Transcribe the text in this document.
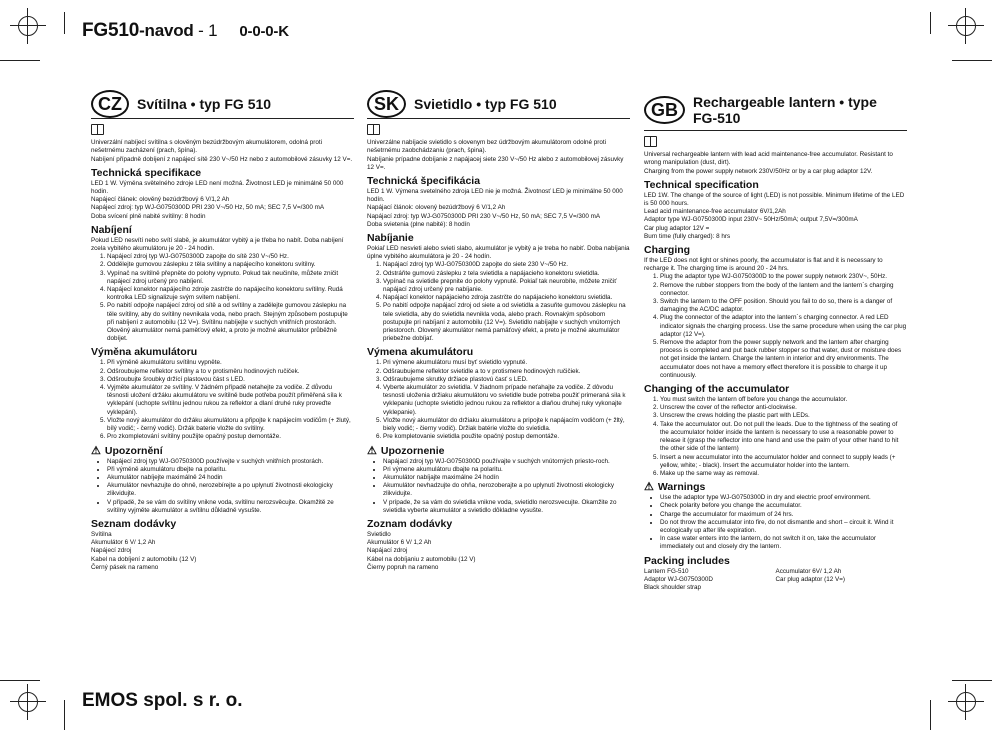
FG510-navod - 1 0-0-0-K
CZ	Svítilna • typ FG 510

Univerzální nabíjecí svítilna s olověným bezúdržbovým akumulátorem, odolná proti nešetrnému zacházení (prach, špína).

Nabíjení případně dobíjení z napájecí sítě 230 V~/50 Hz nebo z automobilové zásuvky 12 V=.

Technická specifikace

LED 1 W. Výměna světelného zdroje LED není možná. Životnost LED je minimálně 50 000 hodin.

Napájecí článek: olověný bezúdržbový 6 V/1,2 Ah

Napájecí zdroj: typ WJ-G0750300D PRI 230 V~/50 Hz, 50 mA; SEC 7,5 V=/300 mA

Doba svícení plně nabité svítilny: 8 hodin

Nabíjení

Pokud LED nesvítí nebo svítí slabě, je akumulátor vybitý a je třeba ho nabít. Doba nabíjení zcela vybitého akumulátoru je 20 - 24 hodin.

1. Napájecí zdroj typ WJ-G0750300D zapojte do sítě 230 V~/50 Hz.
2. Oddělejte gumovou záslepku z těla svítilny a napájecího konektoru svítilny.
3. Vypínač na svítilně přepněte do polohy vypnuto. Pokud tak neučiníte, můžete zničit napájecí zdroj určený pro nabíjení.
4. Napájecí konektor napájecího zdroje zastrčte do napájecího konektoru svítilny. Rudá kontrolka LED signalizuje svým svitem nabíjení.
5. Po nabití odpojte napájecí zdroj od sítě a od svítilny a zadělejte gumovou záslepku na těle svítilny, aby do svítilny nevnikala voda, nebo prach. Stejným způsobem postupujte při nabíjení z automobilu (12 V=). Svítilnu nabíjejte v suchých vnitřních prostorách. Olověný akumulátor nemá paměťový efekt, a proto je možné akumulátor průběžně dobíjet.
Výměna akumulátoru
1. Při výměně akumulátoru svítilnu vypněte.
2. Odšroubujeme reflektor svítilny a to v protisměru hodinových ručiček.
3. Odšroubujte šroubky držící plastovou část s LED.
4. Vyjměte akumulátor ze svítilny. V žádném případě netahejte za vodiče. Z důvodu těsnosti uložení držáku akumulátoru ve svítilně bude potřeba použít přiměřená síla k vyklepání (uchopte svítilnu jednou rukou za reflektor a dlaní druhé ruky proveďte vyklepání).
5. Vložte nový akumulátor do držáku akumulátoru a připojte k napájecím vodičům (+ žlutý, bílý vodič; - černý vodič). Držák baterie vložte do svítilny.
6. Pro zkompletování svítilny použijte opačný postup demontáže.
⚠ Upozornění
• Napájecí zdroj typ WJ-G0750300D používejte v suchých vnitřních prostorách.
• Při výměně akumulátoru dbejte na polaritu.
• Akumulátor nabíjejte maximálně 24 hodin
• Akumulátor nevhazujte do ohně, nerozebírejte a po uplynutí životnosti ekologicky zlikvidujte.
• V případě, že se vám do svítilny vnikne voda, svítilnu nerozsvěcujte. Okamžitě ze svítilny vyjměte akumulátor a svítilnu důkladně vysušte.
Seznam dodávky

Svítilna

Akumulátor 6 V/ 1,2 Ah

Napájecí zdroj

Kabel na dobíjení z automobilu (12 V)

Černý pásek na rameno

SK	Svietidlo • typ FG 510

Univerzálne nabíjacie svietidlo s olovenym bez údržbovým akumulátorom odolné proti nešetrnému zaobchádzaniu (prach, špina).

Nabíjanie prípadne dobíjanie z napájacej siete 230 V~/50 Hz alebo z automobilovej zásuvky 12 V=.

Technická špecifikácia

LED 1 W. Výmena svetelného zdroja LED nie je možná. Životnosť LED je minimálne 50 000 hodín.

Napájací článok: olovený bezúdržbový 6 V/1,2 Ah

Napájací zdroj: typ WJ-G0750300D PRI 230 V~/50 Hz, 50 mA; SEC 7,5 V=/300 mA

Doba svietenia (plne nabité): 8 hodín

Nabíjanie

Pokiaľ LED nesvieti alebo svieti slabo, akumulátor je vybitý a je treba ho nabiť. Doba nabíjania úplne vybitého akumulátora je 20 - 24 hodín.

1. Napájací zdroj typ WJ-G0750300D zapojte do siete 230 V~/50 Hz.
2. Odstráňte gumovú záslepku z tela svietidla a napájacieho konektoru svietidla.
3. Vypínač na svietidle prepnite do polohy vypnuté. Pokiaľ tak neurobíte, môžete zničiť napájací zdroj určený pre nabíjanie.
4. Napájací konektor napájacieho zdroja zastrčte do napájacieho konektoru svietidla.
5. Po nabití odpojte napájací zdroj od siete a od svietidla a zasuňte gumovou záslepku na tele svietidla, aby do svietidla nevnikla voda, alebo prach. Rovnakým spôsobom postupujte pri nabíjaní z automobilu (12 V=). Svietidlo nabíjajte v suchých vnútorných priestoroch. Olovený akumulátor nemá pamäťový efekt, a preto je možné akumulátor priebežne dobíjať.
Výmena akumulátoru
1. Pri výmene akumulátoru musí byť svietidlo vypnuté.
2. Odšraubujeme reflektor svietidle a to v protismere hodinových ručičiek.
3. Odšraubujeme skrutky držiace plastovú časť s LED.
4. Vyberte akumulátor zo svietidla. V žiadnom prípade neťahajte za vodiče. Z dôvodu tesnosti uloženia držiaku akumulátoru vo svietidle bude potreba použiť primeraná sila k vyklepaniu (uchopte svietidlo jednou rukou za reflektor a dlaňou druhej ruky vykonajte vyklepanie).
5. Vložte nový akumulátor do držiaku akumulátoru a pripojte k napájacím vodičom (+ žltý, biely vodič; - čierny vodič). Držiak batérie vložte do svietidla.
6. Pre kompletovanie svietidla použite opačný postup demontáže.
⚠ Upozornenie
• Napájací zdroj typ WJ-G0750300D používajte v suchých vnútorných priesto-roch.
• Pri výmene akumulátoru dbajte na polaritu.
• Akumulátor nabíjajte maximálne 24 hodín
• Akumulátor nevhadzujte do ohňa, nerozoberajte a po uplynutí životnosti ekologicky zlikvidujte.
• V prípade, že sa vám do svietidla vnikne voda, svietidlo nerozsvecujte. Okamžite zo svietidla vyberte akumulátor a svietidlo dôkladne vysušte.
Zoznam dodávky

Svietidlo

Akumulátor 6 V/ 1,2 Ah

Napájací zdroj

Kábel na dobíjaniu z automobilu (12 V)

Čierny popruh na rameno

GB	Rechargeable lantern • type FG-510

Universal rechargeable lantern with lead acid maintenance-free accumulator. Resistant to wrong manipulation (dust, dirt).

Charging from the power supply network 230V/50Hz or by a car plug adaptor 12V.

Technical specification

LED 1W. The change of the source of light (LED) is not possible. Minimum lifetime of the LED is 50 000 hours.

Lead acid maintenance-free accumulator 6V/1,2Ah

Adaptor type WJ-G0750300D input 230V~ 50Hz/50mA; output 7,5V=/300mA

Car plug adaptor 12V =

Burn time (fully charged): 8 hrs

Charging

If the LED does not light or shines poorly, the accumulator is flat and it is necessary to recharge it. The charging time is around 20 - 24 hrs.

1. Plug the adaptor type WJ-G0750300D to the power supply network 230V~, 50Hz.
2. Remove the rubber stoppers from the body of the lantern and the lantern´s charging connector.
3. Switch the lantern to the OFF position. Should you fail to do so, there is a danger of damaging the AC/DC adaptor.
4. Plug the connector of the adaptor into the lantern´s charging connector. A red LED indicator signals the charging process. Use the same procedure when using the car plug adaptor (12 V=).
5. Remove the adaptor from the power supply network and the lantern after charging process is completed and put back rubber stopper so that water, dust or moisture does not get inside the lantern. Charge the lantern in interior and dry environments. The accumulator does not have a memory effect therefore it is possible to charge it up continuously.
Changing of the accumulator
1. You must switch the lantern off before you change the accumulator.
2. Unscrew the cover of the reflector anti-clockwise.
3. Unscrew the crews holding the plastic part with LEDs.
4. Take the accumulator out. Do not pull the leads. Due to the tightness of the seating of the accumulator holder inside the lantern is necessary to use a reasonable power to release it (grasp the reflector into one hand and use the palm of your other hand to hit the other side of the lantern)
5. Insert a new accumulator into the accumulator holder and connect to supply leads (+ yellow, white; - black). Insert the accumulator holder into the lantern.
6. Make up the same way as removal.
⚠ Warnings
• Use the adaptor type WJ-G0750300D in dry and electric proof environment.
• Check polarity before you change the accumulator.
• Charge the accumulator for maximum of 24 hrs.
• Do not throw the accumulator into fire, do not dismantle and short – circuit it. Wind it ecologically up after life expiration.
• In case water enters into the lantern, do not switch it on, take the accumulator immediately out and closely dry the lantern.
Packing includes

Lantern FG-510

Adaptor WJ-G0750300D

Black shoulder strap

Accumulator 6V/ 1,2 Ah

Car plug adaptor (12 V=)

EMOS spol. s r. o.
